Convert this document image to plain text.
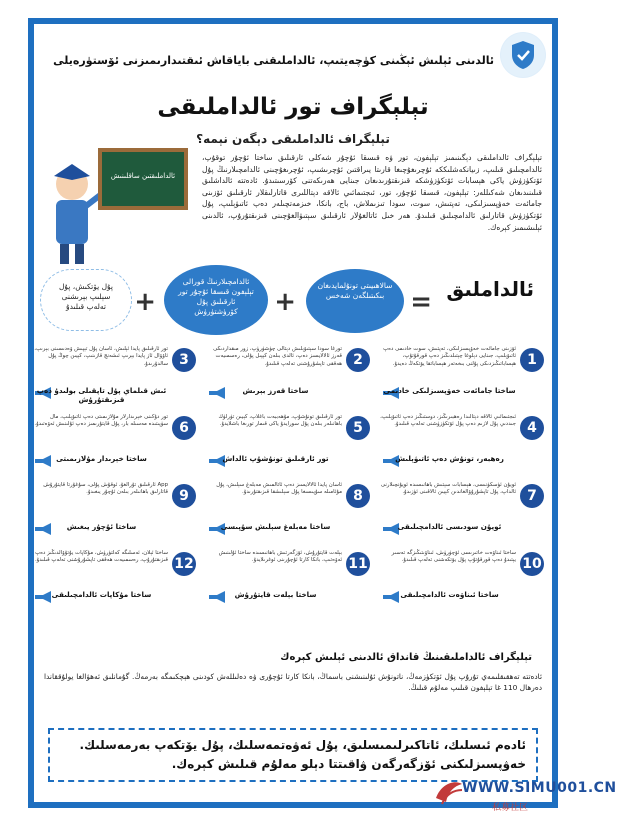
ئالدىنى ئېلىش ئېڭىنى كۈچەيتىپ، ئالداملىقنى باياقاش ئىقتىدارىمىزنى ئۆستۈرەيلى
تېلېگراف تور ئالداملىقى
تېلېگراف ئالداملىقى دېگەن نېمە؟
تېلېگراف ئالداملىقى دېگىنىمىز تېلېفون، تور ۋە قىسقا ئۇچۇر شەكلى ئارقىلىق ساختا ئۇچۇر توقۇپ، ئالدامچىلىق قىلىپ، زىيانكەشلىككە ئۇچرىغۇچىغا قارىتا يىراقتىن ئۇچرىشىپ، ئۇچرىغۇچىنى ئالدامچىلارنىڭ پۇل ئۆتكۈزۈش ياكى ھېسابات ئۆتكۈزۈشكە قىزىقتۇرىدىغان جىنايى ھەرىكەتنى كۆرسىتىدۇ. ئادەتتە ئالداشلىق قىلىنىدىغان شەكىللەر: تېلېفون، قىسقا ئۇچۇر، تور، ئىجتىمائىي ئالاقە دېتاللىرى قاتارلىقلار ئارقىلىق ئۆزىنى جامائەت خەۋپسىزلىكى، تەپتىش، سوت، سودا تىزىملاش، باج، بانكا، خىزمەتچىلەر دەپ ئاتىۋېلىپ، پۇل ئۆتكۈزۈش قاتارلىق ئالدامچىلىق قىلىدۇ. ھەر خىل ئاتالغۇلار ئارقىلىق سېتىۋالغۇچىنى قىزىقتۇرۇپ، ئالدىنى ئېلىشىمىز كېرەك.
ئالداملىقتىن ساقلىنىش
ئالداملىق
=
سالاھىيىتى تونۇلمايدىغان بىكىتىلگەن شەخس
+
ئالدامچىلارنىڭ قورالى تېلېفون قىسقا ئۇچۇر تور ئارقىلىق پۇل كۆرۈشتۈرۈش
+
پۇل يۆتكىش، پۇل سېلىپ بېرىشنى تەلەپ قىلىدۇ
1
ئۆزىنى جامائەت خەۋپسىزلىكى، تەپتىش، سوت خادىمى دەپ ئاتىۋېلىپ، جىنايى دېلوغا چېتىلدىڭىز دەپ قورقۇتۇپ، ھېساباتىڭىزدىكى پۇلنى بىخەتەر ھېساباتقا يۆتكەڭ دەيدۇ.
ساختا جامائەت خەۋپسىزلىكى خادىمى
4
ئىجتىمائىي ئالاقە دېتالىدا رەھبىرىڭىز، دوستىڭىز دەپ ئاتىۋېلىپ، جىددىي پۇل لازىم دەپ پۇل ئۆتكۈزۈشنى تەلەپ قىلىدۇ.
رەھبەر، تونۇش دەپ ئاتىۋېلىش
7
ئويۇن ئۈسكۈنىسى، ھېسابات سېتىش باھانىسىدە ئويۇنچىلارنى ئالداپ، پۇل تاپشۇرۇۋالغاندىن كېيىن ئالاقىنى ئۈزىدۇ.
ئويۇن سودىسى ئالدامچىلىقى
10
ساختا ئىناۋەت خاتىرىسى ئۆچۈرۈش، ئىناۋىتىڭىزگە تەسىر يېتىدۇ دەپ قورقۇتۇپ پۇل يۆتكەشنى تەلەپ قىلىدۇ.
ساختا ئىناۋەت ئالدامچىلىقى
2
تورغا سودا سېتىۋېلىش دېتالى چۈشۈرۈپ، زور مىقداردىكى قەرز ئالالايسىز دەپ، ئالدى بىلەن كېپىل پۇلى، رەسمىيەت ھەققى تاپشۇرۇشنى تەلەپ قىلىدۇ.
ساختا قەرز بېرىش
5
تور ئارقىلىق تونۇشۇپ، مۇھەببەت باغلاپ، كېيىن تۈرلۈك باھانىلەر بىلەن پۇل سورايدۇ ياكى قىمار تورىغا باشلايدۇ.
تور ئارقىلىق تونۇشۇپ ئالداش
8
ئاسان پايدا ئالالايسىز دەپ ئاتالمىش مەبلەغ سېلىش، پۇل مۇئامىلە سۇپىسىغا پۇل سېلىشقا قىزىقتۇرىدۇ.
ساختا مەبلەغ سېلىش سۇپىسى
11
بېلەت قايتۇرۇش، ئۆزگەرتىش باھانىسىدە ساختا ئۇلىنىش ئەۋەتىپ، بانكا كارتا ئۇچۇرىنى ئوغرىلايدۇ.
ساختا بېلەت قايتۇرۇش
3
تور ئارقىلىق پايدا ئېلىش، ئاسان پۇل تېپىش ۋەدىسىنى بېرىپ، ئاۋۋال ئاز پايدا بېرىپ ئىشەنچ قازىنىپ، كېيىن چوڭ پۇل سالدۇرىدۇ.
ئىش قىلماي پۇل تاپقىلى بولىدۇ دەپ قىزىقتۇرۇش
6
تور دۇكىنى خېرىدارلار مۇلازىمىتى دەپ ئاتىۋېلىپ، مال سۈپىتىدە مەسىلە بار، پۇل قايتۇرىمىز دەپ ئۇلىنىش ئەۋەتىدۇ.
ساختا خېرىدار مۇلازىمىتى
9
App ئارقىلىق تۇرالغۇ، ئوقۇش پۇلى، سۇغۇرتا قايتۇرۇش قاتارلىق باھانىلەر بىلەن ئۇچۇر يىغىدۇ.
ساختا ئۇچۇر يىغىش
12
ساختا ئېلان، ئەسلىگە كەلتۈرۈش، مۇكاپات يۇتۇۋالدىڭىز دەپ قىزىقتۇرۇپ، رەسمىيەت ھەققى تاپشۇرۇشنى تەلەپ قىلىدۇ.
ساختا مۇكاپات ئالدامچىلىقى
تېلېگراف ئالداملىقىنىڭ قانداق ئالدىنى ئېلىش كېرەك
ئادەتتە تەھقىقلىمەي تۇرۇپ پۇل ئۆتكۈزمەڭ، ناتونۇش ئۇلىنىشنى باسماڭ، بانكا كارتا ئۇچۇرى ۋە دەلىللەش كودىنى ھېچكىمگە بەرمەڭ. گۇمانلىق ئەھۋالغا يولۇققاندا دەرھال 110 غا تېلېفون قىلىپ مەلۇم قىلىڭ.
ئادەم ئىسلىك، ئاتاكىرلىمىسلىق، پۇل ئەۋەتمەسلىك، پۇل يۆتكەپ بەرمەسلىك. خەۋپسىزلىكنى ئۆزگەرگەن ۋاقىتتا دېلو مەلۇم قىلىش كېرەك.
WWW.SIMU001.CN
私募社区
